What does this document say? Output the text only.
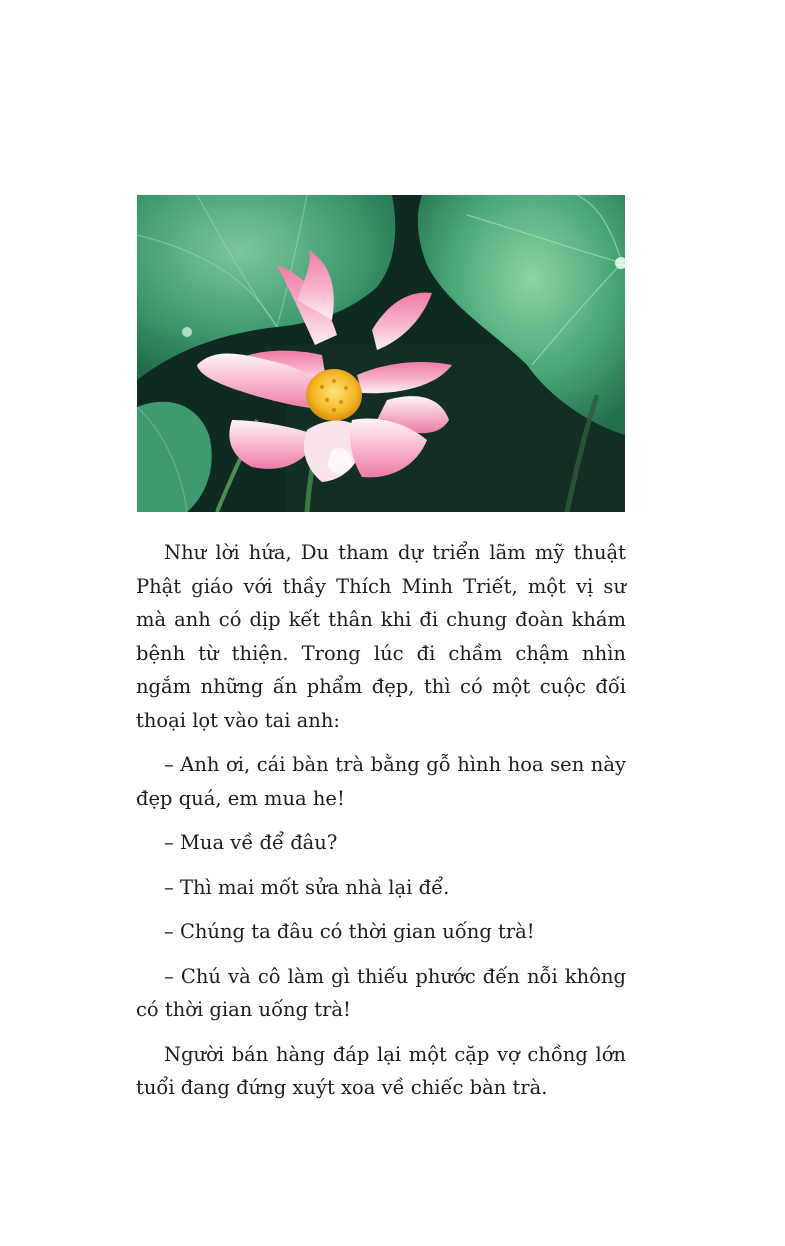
Như lời hứa, Du tham dự triển lãm mỹ thuật Phật giáo với thầy Thích Minh Triết, một vị sư mà anh có dịp kết thân khi đi chung đoàn khám bệnh từ thiện. Trong lúc đi chầm chậm nhìn ngắm những ấn phẩm đẹp, thì có một cuộc đối thoại lọt vào tai anh:

– Anh ơi, cái bàn trà bằng gỗ hình hoa sen này đẹp quá, em mua he!

– Mua về để đâu?

– Thì mai mốt sửa nhà lại để.

– Chúng ta đâu có thời gian uống trà!

– Chú và cô làm gì thiếu phước đến nỗi không có thời gian uống trà!

Người bán hàng đáp lại một cặp vợ chồng lớn tuổi đang đứng xuýt xoa về chiếc bàn trà.
